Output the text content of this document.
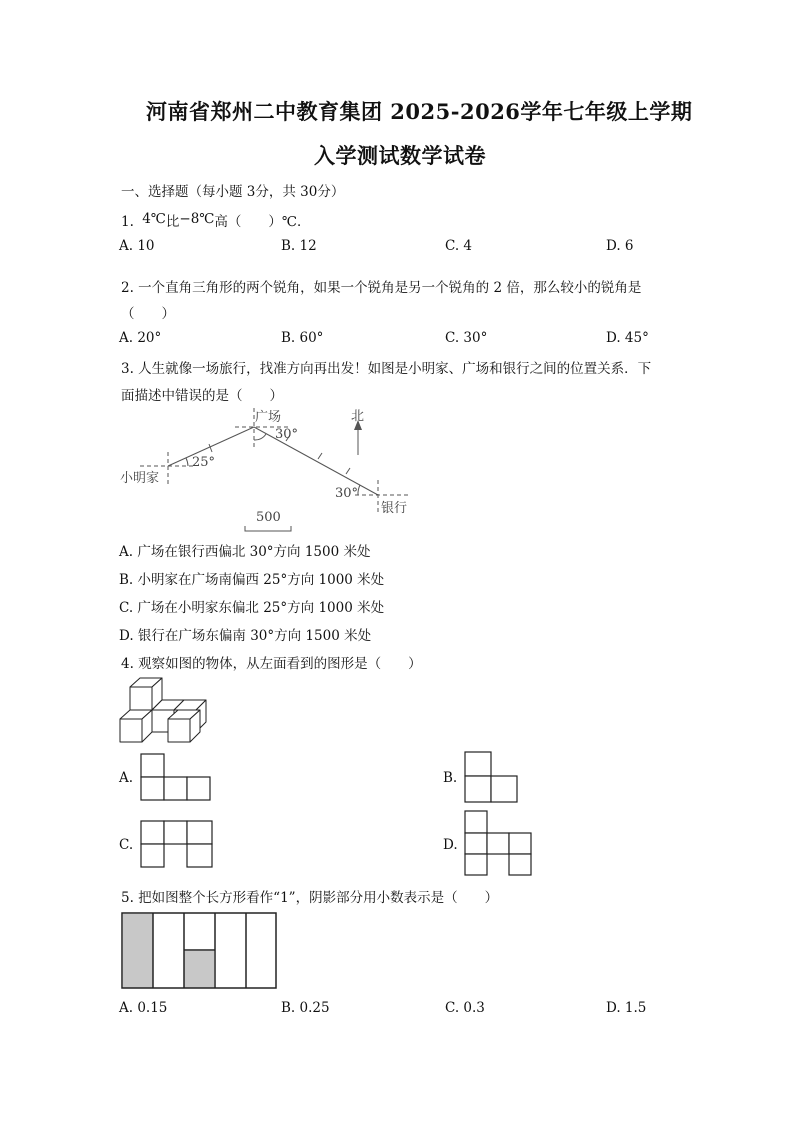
河南省郑州二中教育集团 2025-2026学年七年级上学期
入学测试数学试卷
一、选择题（每小题 3分，共 30分）
1. 4℃比−8℃高（　　）℃．
A. 10	B. 12	C. 4	D. 6
2. 一个直角三角形的两个锐角，如果一个锐角是另一个锐角的 2 倍，那么较小的锐角是
（　　）
A. 20°	B. 60°	C. 30°	D. 45°
3. 人生就像一场旅行，找准方向再出发！如图是小明家、广场和银行之间的位置关系．下
面描述中错误的是（　　）
广场
小明家
银行
北
25°
30°
30°
500
A. 广场在银行西偏北 30°方向 1500 米处
B. 小明家在广场南偏西 25°方向 1000 米处
C. 广场在小明家东偏北 25°方向 1000 米处
D. 银行在广场东偏南 30°方向 1500 米处
4. 观察如图的物体，从左面看到的图形是（　　）
A.	B.
C.	D.
5. 把如图整个长方形看作“1”，阴影部分用小数表示是（　　）
A. 0.15	B. 0.25	C. 0.3	D. 1.5
